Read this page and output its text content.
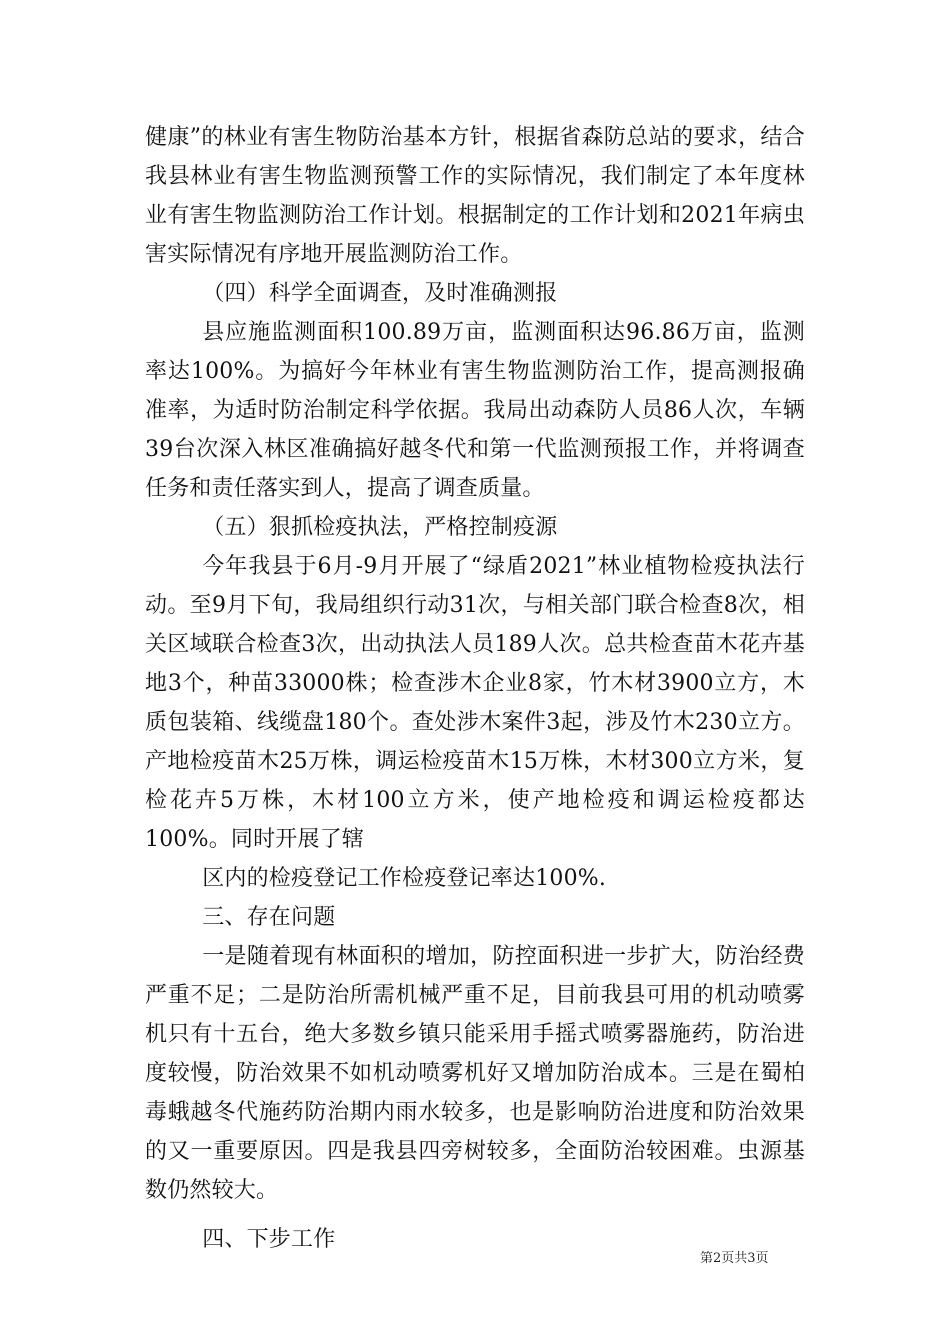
健康”的林业有害生物防治基本方针，根据省森防总站的要求，结合我县林业有害生物监测预警工作的实际情况，我们制定了本年度林业有害生物监测防治工作计划。根据制定的工作计划和2021年病虫害实际情况有序地开展监测防治工作。

（四）科学全面调查，及时准确测报

县应施监测面积100.89万亩，监测面积达96.86万亩，监测率达100%。为搞好今年林业有害生物监测防治工作，提高测报确准率，为适时防治制定科学依据。我局出动森防人员86人次，车辆39台次深入林区准确搞好越冬代和第一代监测预报工作，并将调查任务和责任落实到人，提高了调查质量。

（五）狠抓检疫执法，严格控制疫源

今年我县于6月-9月开展了“绿盾2021”林业植物检疫执法行动。至9月下旬，我局组织行动31次，与相关部门联合检查8次，相关区域联合检查3次，出动执法人员189人次。总共检查苗木花卉基地3个，种苗33000株；检查涉木企业8家，竹木材3900立方，木质包装箱、线缆盘180个。查处涉木案件3起，涉及竹木230立方。产地检疫苗木25万株，调运检疫苗木15万株，木材300立方米，复检花卉5万株，木材100立方米，使产地检疫和调运检疫都达100%。同时开展了辖

区内的检疫登记工作检疫登记率达100%.

三、存在问题

一是随着现有林面积的增加，防控面积进一步扩大，防治经费严重不足；二是防治所需机械严重不足，目前我县可用的机动喷雾机只有十五台，绝大多数乡镇只能采用手摇式喷雾器施药，防治进度较慢，防治效果不如机动喷雾机好又增加防治成本。三是在蜀柏毒蛾越冬代施药防治期内雨水较多，也是影响防治进度和防治效果的又一重要原因。四是我县四旁树较多，全面防治较困难。虫源基数仍然较大。

四、下步工作

第2页共3页
